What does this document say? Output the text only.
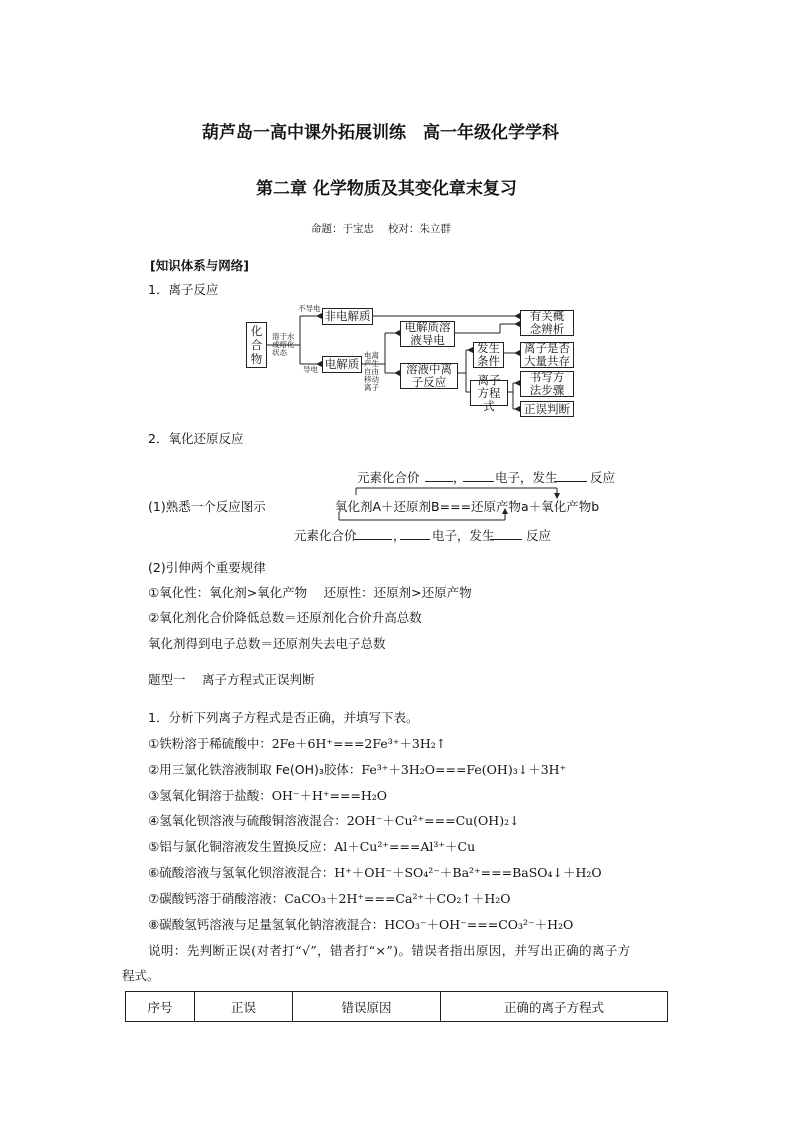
葫芦岛一高中课外拓展训练　高一年级化学学科
第二章 化学物质及其变化章末复习
命题：于宝忠　 校对：朱立群
[知识体系与网络]
1．离子反应
化合物
溶于水或熔化状态
不导电
导电
非电解质
电解质
电离产生自由移动离子
电解质溶液导电
溶液中离子反应
发生条件
离子方程式
有关概念辨析
离子是否大量共存
书写方法步骤
正误判断
2．氧化还原反应
元素化合价	， 电子，发生	反应
(1)熟悉一个反应图示	氧化剂A＋还原剂B===还原产物a＋氧化产物b
元素化合价	， 电子，发生	反应
(2)引伸两个重要规律
①氧化性：氧化剂>氧化产物　 还原性：还原剂>还原产物
②氧化剂化合价降低总数＝还原剂化合价升高总数
氧化剂得到电子总数＝还原剂失去电子总数
题型一　 离子方程式正误判断
1．分析下列离子方程式是否正确，并填写下表。
①铁粉溶于稀硫酸中：2Fe＋6H⁺===2Fe³⁺＋3H₂↑
②用三氯化铁溶液制取 Fe(OH)₃胶体：Fe³⁺＋3H₂O===Fe(OH)₃↓＋3H⁺
③氢氧化铜溶于盐酸：OH⁻＋H⁺===H₂O
④氢氧化钡溶液与硫酸铜溶液混合：2OH⁻＋Cu²⁺===Cu(OH)₂↓
⑤铝与氯化铜溶液发生置换反应：Al＋Cu²⁺===Al³⁺＋Cu
⑥硫酸溶液与氢氧化钡溶液混合：H⁺＋OH⁻＋SO₄²⁻＋Ba²⁺===BaSO₄↓＋H₂O
⑦碳酸钙溶于硝酸溶液：CaCO₃＋2H⁺===Ca²⁺＋CO₂↑＋H₂O
⑧碳酸氢钙溶液与足量氢氧化钠溶液混合：HCO₃⁻＋OH⁻===CO₃²⁻＋H₂O
说明：先判断正误(对者打“√”，错者打“×”)。错误者指出原因，并写出正确的离子方
程式。
序号	正误	错误原因	正确的离子方程式
